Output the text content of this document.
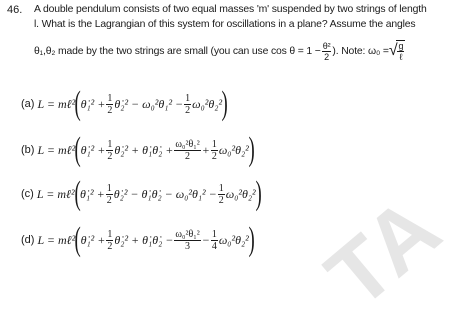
TA
46. A double pendulum consists of two equal masses 'm' suspended by two strings of length
l. What is the Lagrangian of this system for oscillations in a plane? Assume the angles
θ₁,θ₂ made by the two strings are small (you can use $\cos \theta = 1 - \frac{\text{θ²}}{2}$ ). Note: ω₀ = √ g
ℓ
(a) L = mℓ² ( θ̇₁² + $\frac{1}{2}$ θ̇₂² − $\omega_0^2\theta_1^2 - \frac{1}{2} \omega_0^2\theta_2^2$ )
(b) L = mℓ² ( θ̇₁² + $\frac{1}{2}$ θ̇₂² + θ̇₁θ̇₂ + $\frac{\text{ω₀²θ₁²}}{2} + \frac{1}{2} \omega_0^2\theta_2^2$ )
(c) L = mℓ² ( θ̇₁² + $\frac{1}{2}$ θ̇₂² − θ̇₁θ̇₂ − $\omega_0^2\theta_1^2 - \frac{1}{2} \omega_0^2\theta_2^2$ )
(d) L = mℓ² ( θ̇₁² + $\frac{1}{2}$ θ̇₂² + θ̇₁θ̇₂ − $\frac{\text{ω₀²θ₁²}}{3} - \frac{1}{4} \omega_0^2\theta_2^2$ )
